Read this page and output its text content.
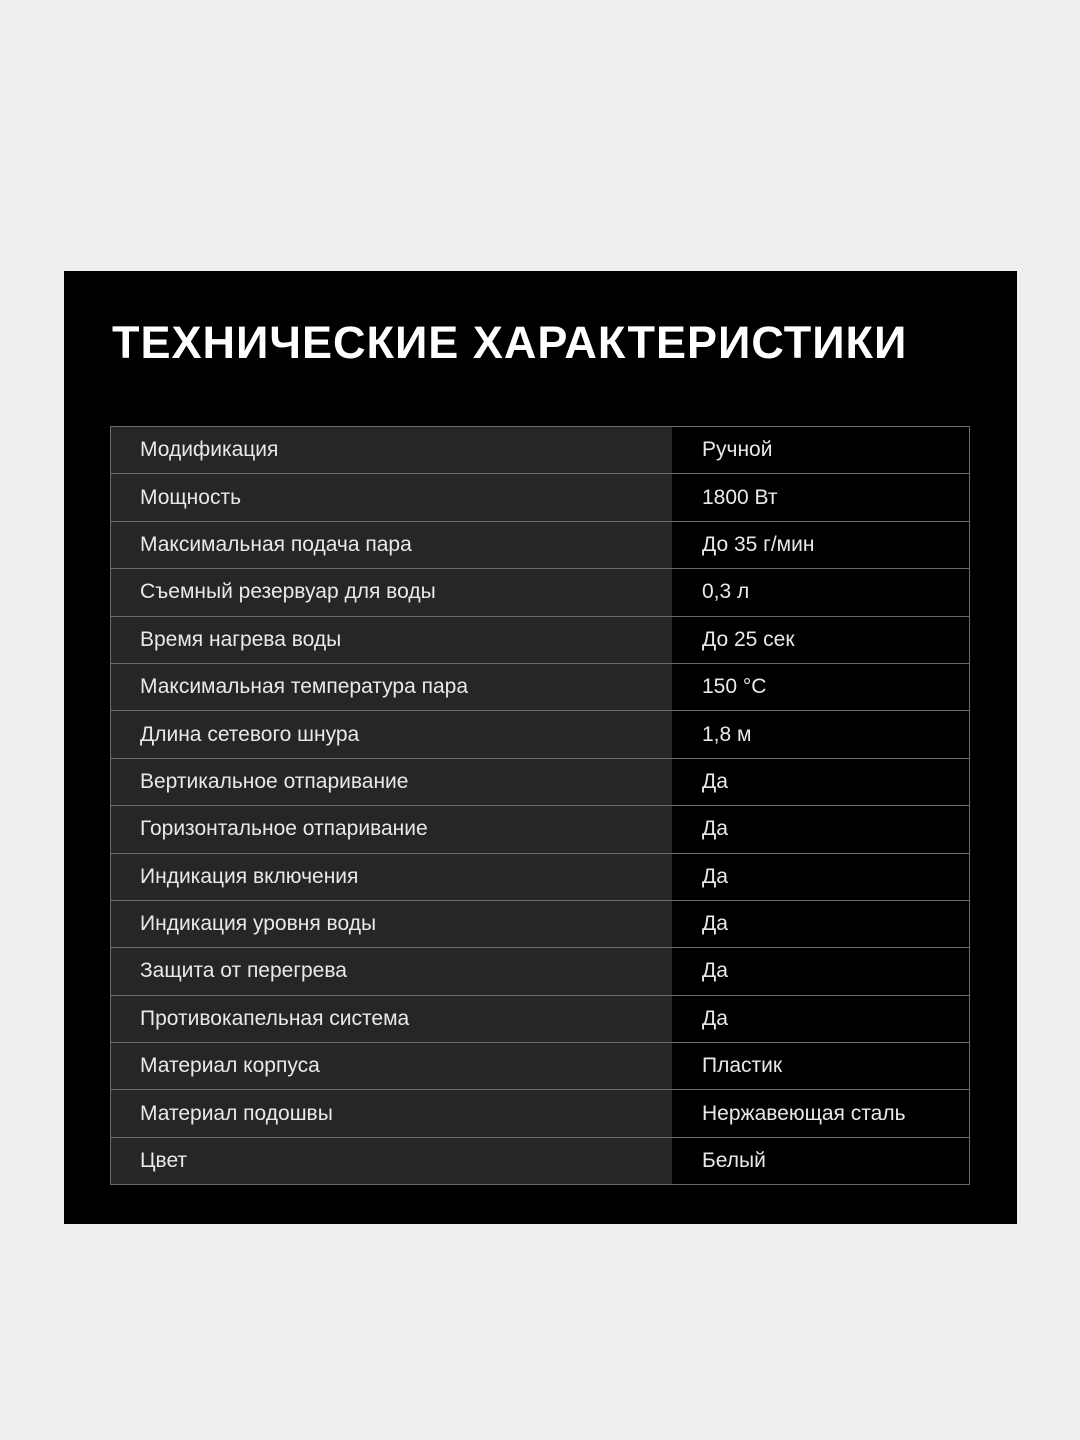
ТЕХНИЧЕСКИЕ ХАРАКТЕРИСТИКИ
Модификация	Ручной
Мощность	1800 Вт
Максимальная подача пара	До 35 г/мин
Съемный резервуар для воды	0,3 л
Время нагрева воды	До 25 сек
Максимальная температура пара	150 °C
Длина сетевого шнура	1,8 м
Вертикальное отпаривание	Да
Горизонтальное отпаривание	Да
Индикация включения	Да
Индикация уровня воды	Да
Защита от перегрева	Да
Противокапельная система	Да
Материал корпуса	Пластик
Материал подошвы	Нержавеющая сталь
Цвет	Белый
